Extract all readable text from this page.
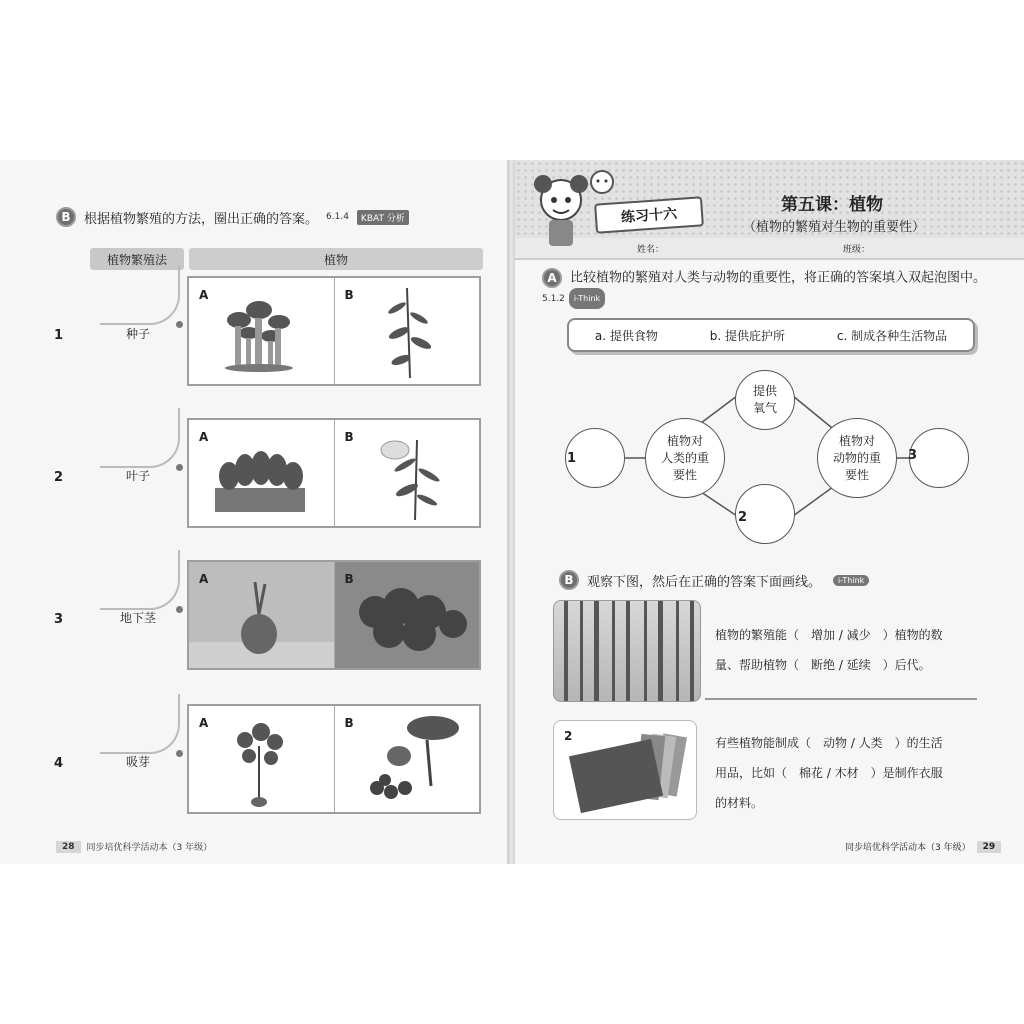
B	根据植物繁殖的方法，圈出正确的答案。 6.1.4	KBAT 分析
植物繁殖法	植物
1	种子
A	B
2	叶子
A	B
3	地下茎
A	B
4	吸芽
A	B
28	同步培优科学活动本（3 年级）
练习十六
第五课：植物
（植物的繁殖对生物的重要性）
姓名：	班级：
A 比较植物的繁殖对人类与动物的重要性，将正确的答案填入双起泡图中。 5.1.2 i-Think
a. 提供食物	b. 提供庇护所	c. 制成各种生活物品
1
植物对
人类的重
要性
提供
氧气
2
植物对
动物的重
要性
3
B	观察下图，然后在正确的答案下面画线。	i-Think
植物的繁殖能（　增加 / 减少　）植物的数
量、帮助植物（　断绝 / 延续　）后代。
2	有些植物能制成（　动物 / 人类　）的生活
用品，比如（　棉花 / 木材　）是制作衣服
的材料。
同步培优科学活动本（3 年级）	29
